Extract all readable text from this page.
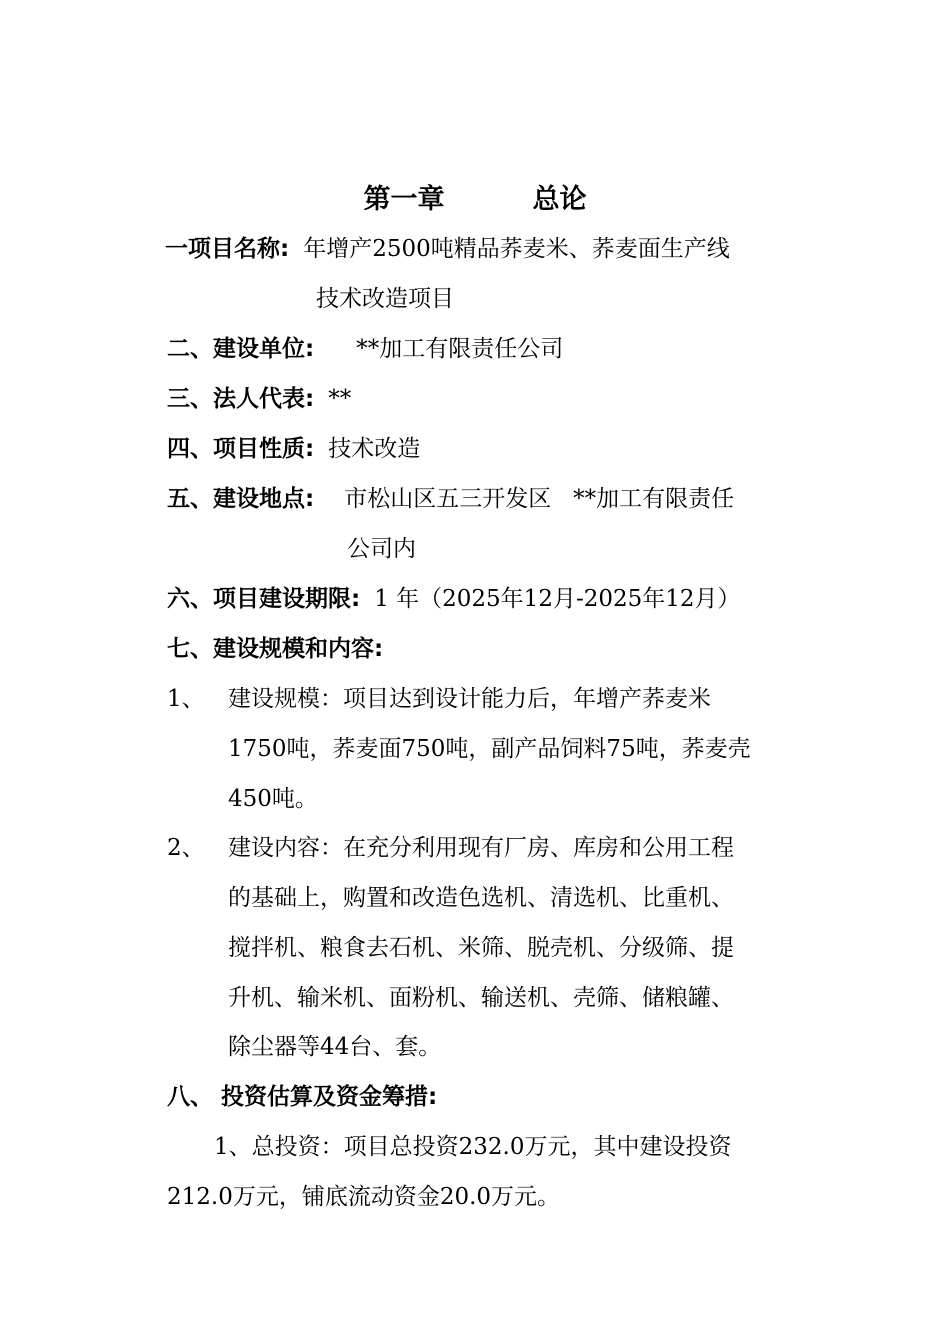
第一章	总论
一项目名称: 年增产2500吨精品荞麦米、荞麦面生产线
技术改造项目
二、建设单位: **加工有限责任公司
三、法人代表: **
四、项目性质: 技术改造
五、建设地点: 市松山区五三开发区   **加工有限责任
公司内
六、项目建设期限: 1 年（2025年12月-2025年12月）
七、建设规模和内容:
1、 建设规模：项目达到设计能力后，年增产荞麦米
1750吨，荞麦面750吨，副产品饲料75吨，荞麦壳
450吨。
2、 建设内容：在充分利用现有厂房、库房和公用工程
的基础上，购置和改造色选机、清选机、比重机、
搅拌机、粮食去石机、米筛、脱壳机、分级筛、提
升机、输米机、面粉机、输送机、壳筛、储粮罐、
除尘器等44台、套。
八、 投资估算及资金筹措:
1、总投资：项目总投资232.0万元，其中建设投资
212.0万元，铺底流动资金20.0万元。
